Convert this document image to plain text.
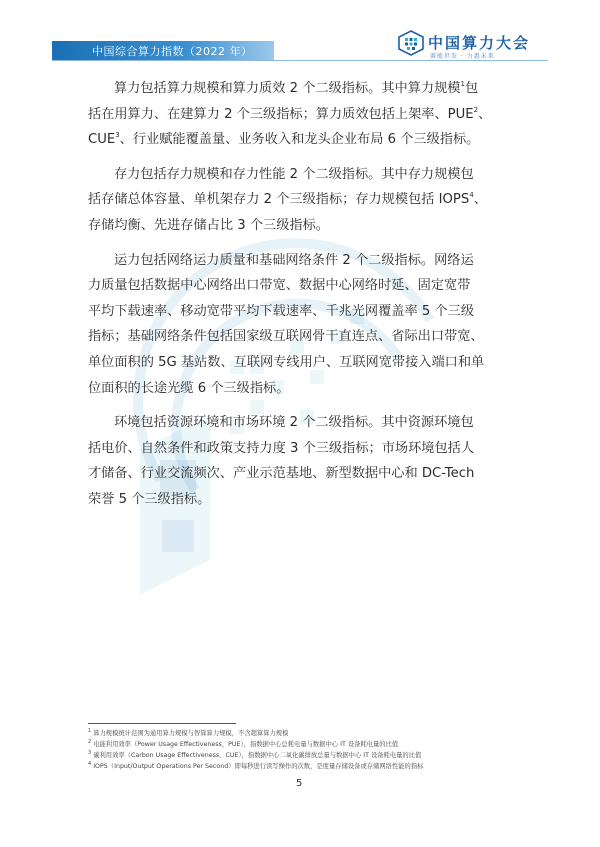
中国综合算力指数（2022 年）	中国算力大会
赛能世发 · 力惠未来
算力包括算力规模和算力质效 2 个二级指标。其中算力规模$^1$包
括在用算力、在建算力 2 个三级指标；算力质效包括上架率、PUE$^2$、
CUE$^3$、行业赋能覆盖量、业务收入和龙头企业布局 6 个三级指标。
存力包括存力规模和存力性能 2 个二级指标。其中存力规模包
括存储总体容量、单机架存力 2 个三级指标；存力规模包括 IOPS$^4$、
存储均衡、先进存储占比 3 个三级指标。
运力包括网络运力质量和基础网络条件 2 个二级指标。网络运
力质量包括数据中心网络出口带宽、数据中心网络时延、固定宽带
平均下载速率、移动宽带平均下载速率、千兆光网覆盖率 5 个三级
指标；基础网络条件包括国家级互联网骨干直连点、省际出口带宽、
单位面积的 5G 基站数、互联网专线用户、互联网宽带接入端口和单
位面积的长途光缆 6 个三级指标。
环境包括资源环境和市场环境 2 个二级指标。其中资源环境包
括电价、自然条件和政策支持力度 3 个三级指标；市场环境包括人
才储备、行业交流频次、产业示范基地、新型数据中心和 DC-Tech
荣誉 5 个三级指标。
$^1$ 算力规模统计范围为通用算力规模与智算算力规模，不含超算算力规模
$^2$ 电能利用效率（Power Usage Effectiveness，PUE），指数据中心总耗电量与数据中心 IT 设备耗电量的比值
$^3$ 碳利用效率（Carbon Usage Effectiveness，CUE），指数据中心二氧化碳排放总量与数据中心 IT 设备耗电量的比值
$^4$ IOPS（Input/Output Operations Per Second）即每秒进行读写操作的次数，是度量存储设备或存储网络性能的指标
5
